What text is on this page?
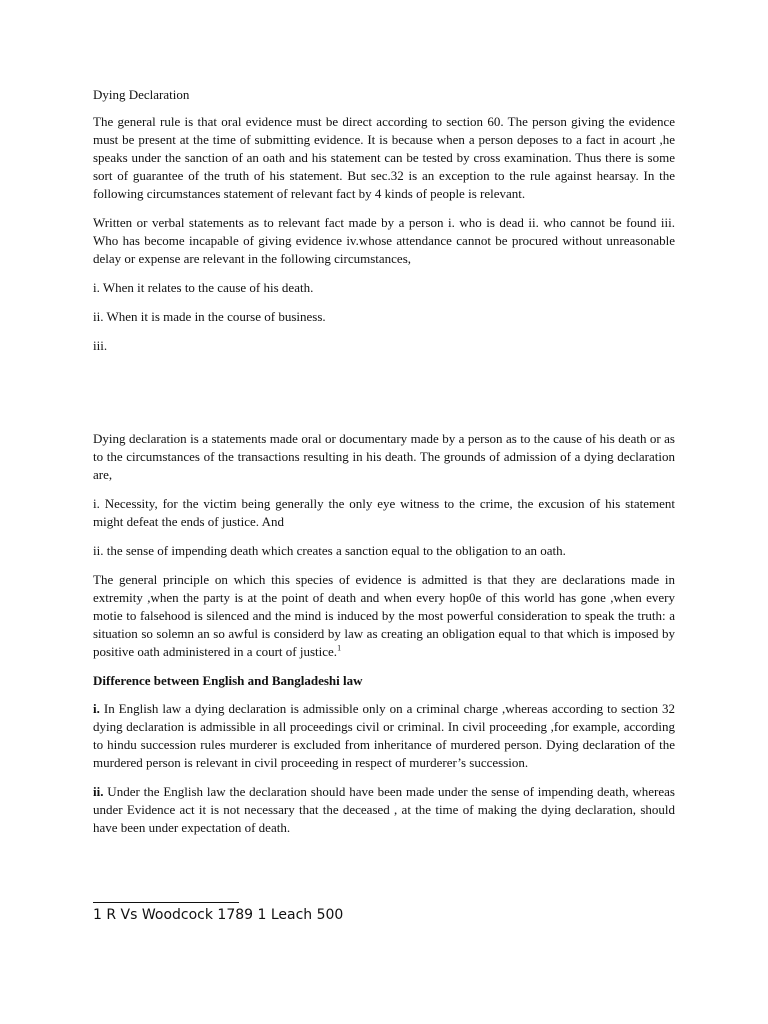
Dying Declaration

The general rule is that oral evidence must be direct according to section 60. The person giving the evidence must be present at the time of submitting evidence. It is because when a person deposes to a fact in acourt ,he speaks under the sanction of an oath and his statement can be tested by cross examination. Thus there is some sort of guarantee of the truth of his statement. But sec.32 is an exception to the rule against hearsay. In the following circumstances statement of relevant fact by 4 kinds of people is relevant.

Written or verbal statements as to relevant fact made by a person i. who is dead ii. who cannot be found iii. Who has become incapable of giving evidence iv.whose attendance cannot be procured without unreasonable delay or expense are relevant in the following circumstances,

i. When it relates to the cause of his death.

ii. When it is made in the course of business.

iii.

Dying declaration is a statements made oral or documentary made by a person as to the cause of his death or as to the circumstances of the transactions resulting in his death. The grounds of admission of a dying declaration are,

i. Necessity, for the victim being generally the only eye witness to the crime, the excusion of his statement might defeat the ends of justice. And

ii. the sense of impending death which creates a sanction equal to the obligation to an oath.

The general principle on which this species of evidence is admitted is that they are declarations made in extremity ,when the party is at the point of death and when every hop0e of this world has gone ,when every motie to falsehood is silenced and the mind is induced by the most powerful consideration to speak the truth: a situation so solemn an so awful is considerd by law as creating an obligation equal to that which is imposed by positive oath administered in a court of justice.$^1$

Difference between English and Bangladeshi law

i. In English law a dying declaration is admissible only on a criminal charge ,whereas according to section 32 dying declaration is admissible in all proceedings civil or criminal. In civil proceeding ,for example, according to hindu succession rules murderer is excluded from inheritance of murdered person. Dying declaration of the murdered person is relevant in civil proceeding in respect of murderer’s succession.

ii. Under the English law the declaration should have been made under the sense of impending death, whereas under Evidence act it is not necessary that the deceased , at the time of making the dying declaration, should have been under expectation of death.

1 R Vs Woodcock 1789 1 Leach 500
